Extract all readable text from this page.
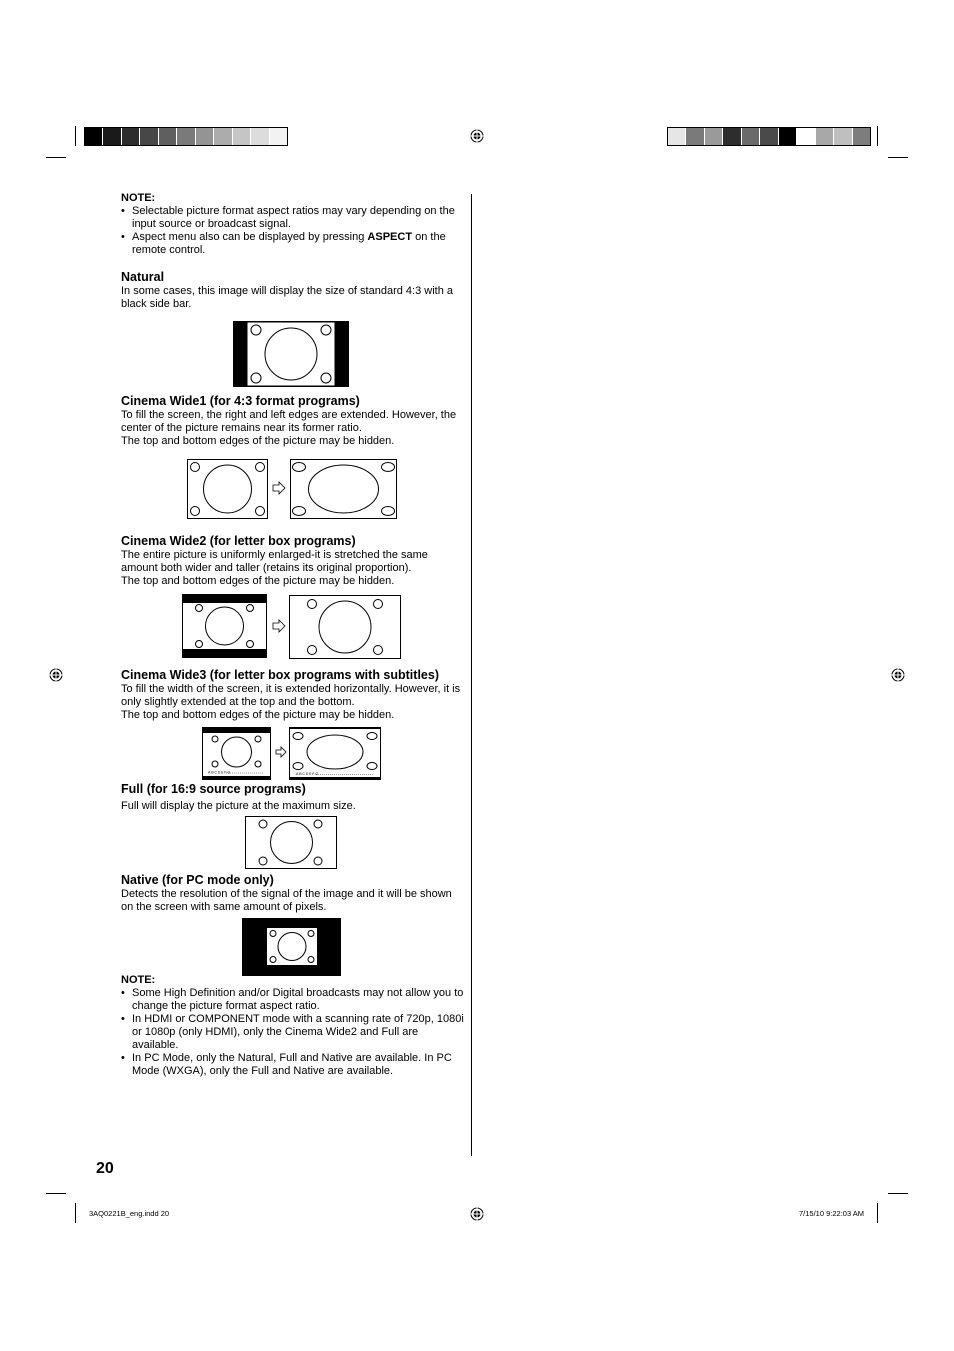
NOTE:
• Selectable picture format aspect ratios may vary depending on the input source or broadcast signal.
• Aspect menu also can be displayed by pressing ASPECT on the remote control.
Natural
In some cases, this image will display the size of standard 4:3 with a black side bar.
Cinema Wide1 (for 4:3 format programs)
To fill the screen, the right and left edges are extended. However, the center of the picture remains near its former ratio.
The top and bottom edges of the picture may be hidden.
Cinema Wide2 (for letter box programs)
The entire picture is uniformly enlarged-it is stretched the same amount both wider and taller (retains its original proportion).
The top and bottom edges of the picture may be hidden.
Cinema Wide3 (for letter box programs with subtitles)
To fill the width of the screen, it is extended horizontally. However, it is only slightly extended at the top and the bottom.
The top and bottom edges of the picture may be hidden.
ABCDEFG	ABCDEFG
Full (for 16:9 source programs)
Full will display the picture at the maximum size.
Native (for PC mode only)
Detects the resolution of the signal of the image and it will be shown on the screen with same amount of pixels.
NOTE:
• Some High Definition and/or Digital broadcasts may not allow you to change the picture format aspect ratio.
• In HDMI or COMPONENT mode with a scanning rate of 720p, 1080i or 1080p (only HDMI), only the Cinema Wide2 and Full are available.
• In PC Mode, only the Natural, Full and Native are available. In PC Mode (WXGA), only the Full and Native are available.
20
3AQ0221B_eng.indd 20	7/15/10 9:22:03 AM
